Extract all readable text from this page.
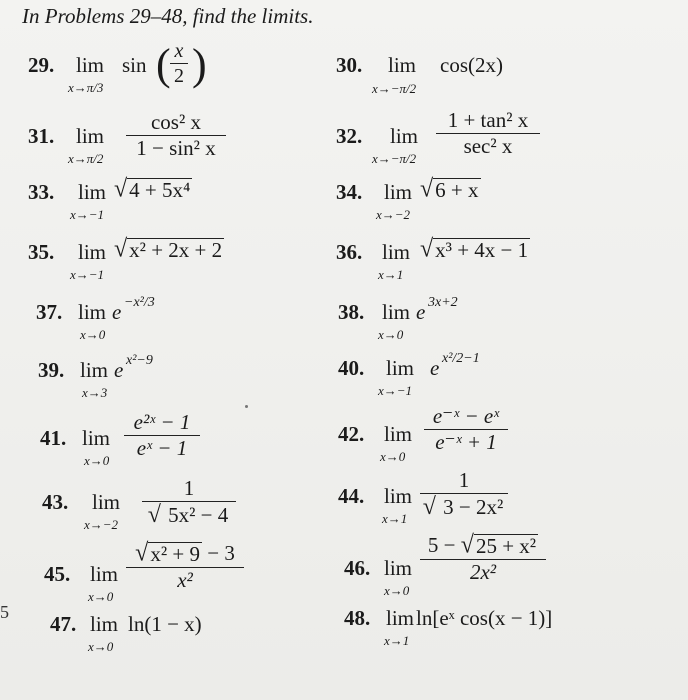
In Problems 29–48, find the limits.
29. lim
x→π/3
sin ( x
2 )	30. lim
x→−π/2
cos(2x)
31. lim
x→π/2
cos² x
1 − sin² x	32. lim
x→−π/2
1 + tan² x
sec² x
33. lim
x→−1
√ 4 + 5x⁴	34. lim
x→−2
√ 6 + x
35. lim
x→−1
√ x² + 2x + 2	36. lim
x→1
√ x³ + 4x − 1
37. lim
x→0
e −x²/3	38. lim
x→0
e 3x+2
39. lim
x→3
e x²−9	40. lim
x→−1
e x²/2−1
41. lim
x→0
e²ˣ − 1
eˣ − 1
42. lim
x→0
e⁻ˣ − eˣ
e⁻ˣ + 1
43. lim
x→−2
1
√ 5x² − 4
44. lim
x→1
1
√ 3 − 2x²
45. lim
x→0
√ x² + 9 − 3
x²	46. lim
x→0
5 − √ 25 + x²
2x²
47. lim
x→0
ln(1 − x)	48. lim
x→1
ln[eˣ cos(x − 1)]
5
